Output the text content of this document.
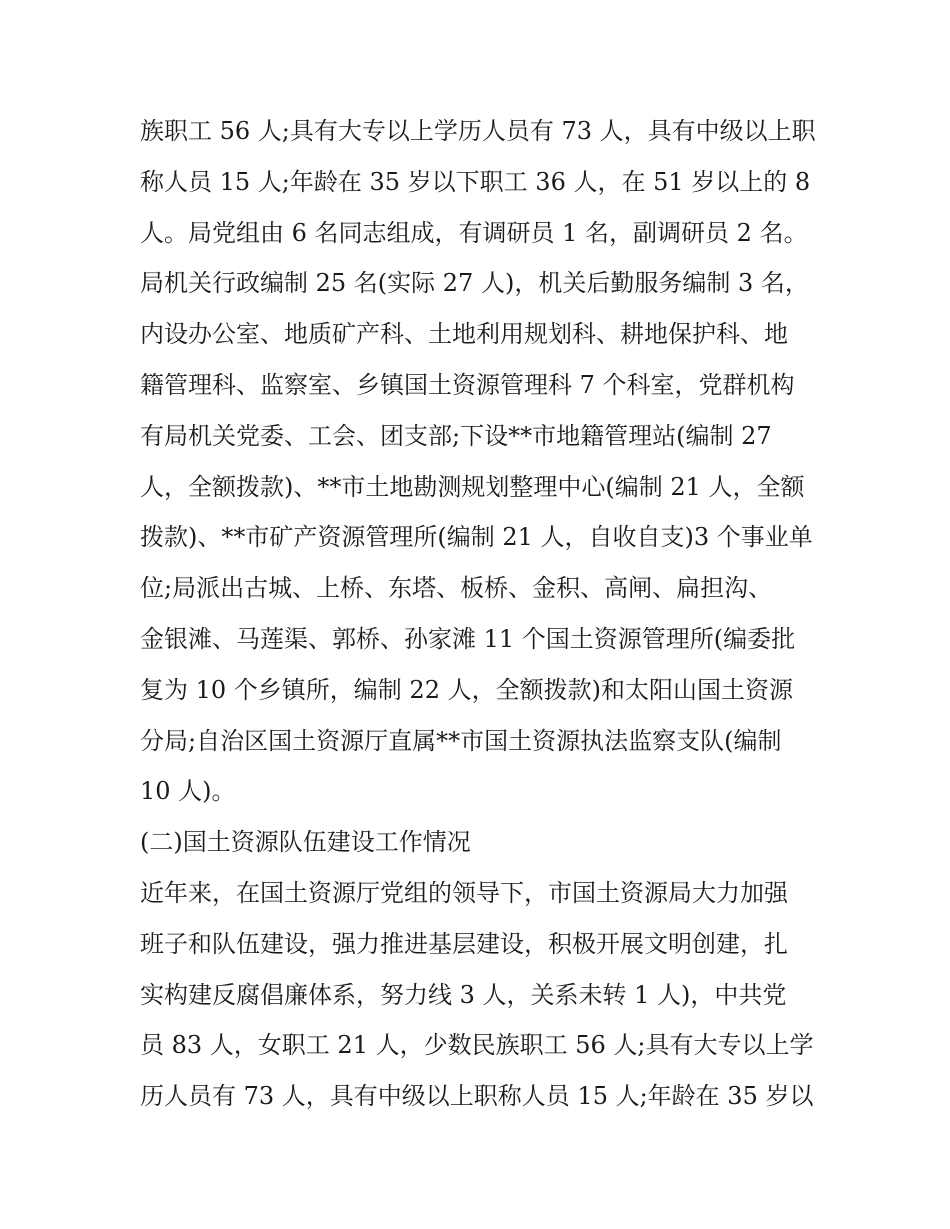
族职工 56 人;具有大专以上学历人员有 73 人，具有中级以上职
称人员 15 人;年龄在 35 岁以下职工 36 人，在 51 岁以上的 8
人。局党组由 6 名同志组成，有调研员 1 名，副调研员 2 名。
局机关行政编制 25 名(实际 27 人)，机关后勤服务编制 3 名，
内设办公室、地质矿产科、土地利用规划科、耕地保护科、地
籍管理科、监察室、乡镇国土资源管理科 7 个科室，党群机构
有局机关党委、工会、团支部;下设**市地籍管理站(编制 27
人，全额拨款)、**市土地勘测规划整理中心(编制 21 人，全额
拨款)、**市矿产资源管理所(编制 21 人，自收自支)3 个事业单
位;局派出古城、上桥、东塔、板桥、金积、高闸、扁担沟、
金银滩、马莲渠、郭桥、孙家滩 11 个国土资源管理所(编委批
复为 10 个乡镇所，编制 22 人，全额拨款)和太阳山国土资源
分局;自治区国土资源厅直属**市国土资源执法监察支队(编制
10 人)。
(二)国土资源队伍建设工作情况
近年来，在国土资源厅党组的领导下，市国土资源局大力加强
班子和队伍建设，强力推进基层建设，积极开展文明创建，扎
实构建反腐倡廉体系，努力线 3 人，关系未转 1 人)，中共党
员 83 人，女职工 21 人，少数民族职工 56 人;具有大专以上学
历人员有 73 人，具有中级以上职称人员 15 人;年龄在 35 岁以
